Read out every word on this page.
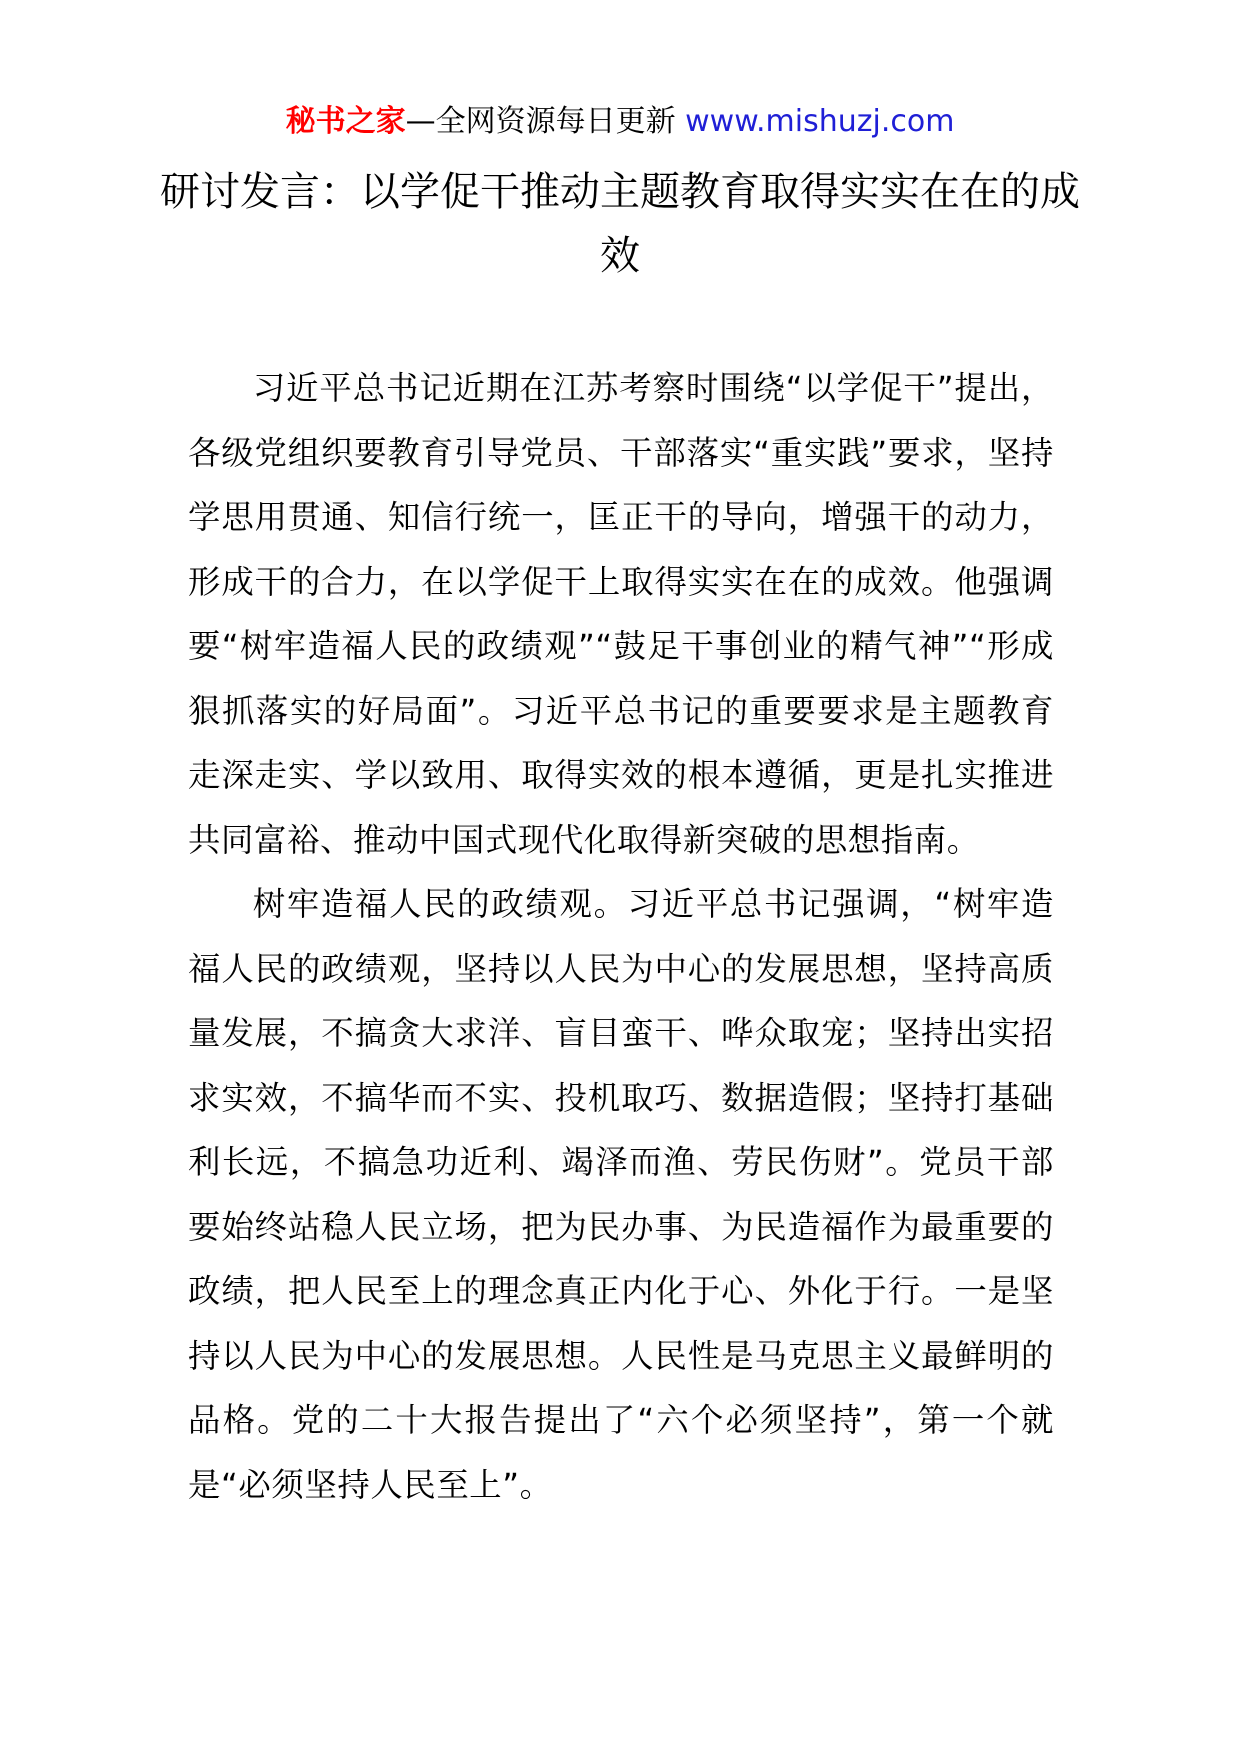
秘书之家—全网资源每日更新 www.mishuzj.com
研讨发言：以学促干推动主题教育取得实实在在的成效

习近平总书记近期在江苏考察时围绕“以学促干”提出，各级党组织要教育引导党员、干部落实“重实践”要求，坚持学思用贯通、知信行统一，匡正干的导向，增强干的动力，形成干的合力，在以学促干上取得实实在在的成效。他强调要“树牢造福人民的政绩观”“鼓足干事创业的精气神”“形成狠抓落实的好局面”。习近平总书记的重要要求是主题教育走深走实、学以致用、取得实效的根本遵循，更是扎实推进共同富裕、推动中国式现代化取得新突破的思想指南。

树牢造福人民的政绩观。习近平总书记强调，“树牢造福人民的政绩观，坚持以人民为中心的发展思想，坚持高质量发展，不搞贪大求洋、盲目蛮干、哗众取宠；坚持出实招求实效，不搞华而不实、投机取巧、数据造假；坚持打基础利长远，不搞急功近利、竭泽而渔、劳民伤财”。党员干部要始终站稳人民立场，把为民办事、为民造福作为最重要的政绩，把人民至上的理念真正内化于心、外化于行。一是坚持以人民为中心的发展思想。人民性是马克思主义最鲜明的品格。党的二十大报告提出了“六个必须坚持”，第一个就是“必须坚持人民至上”。
